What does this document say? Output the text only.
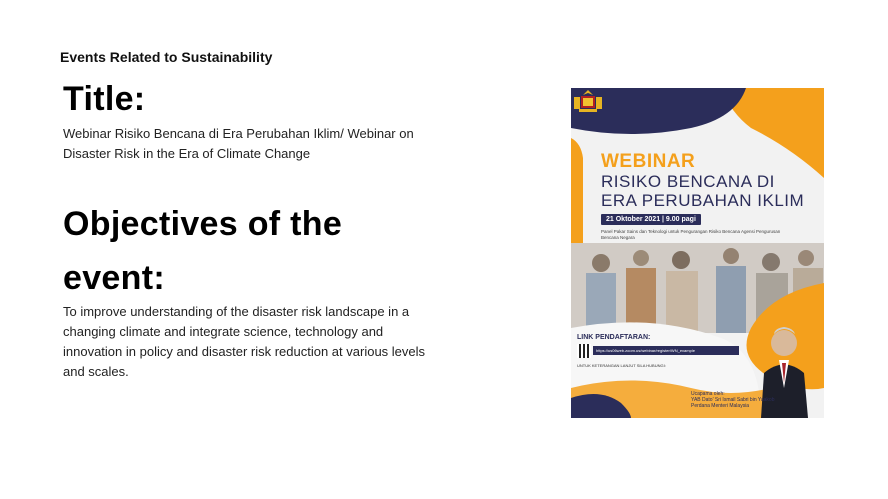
Events Related to Sustainability
Title:
Webinar Risiko Bencana di Era Perubahan Iklim/ Webinar on Disaster Risk in the Era of Climate Change
Objectives of the
event:
To improve understanding of the disaster risk landscape in a changing climate and integrate science, technology and innovation in policy and disaster risk reduction at various levels and scales.
WEBINAR
RISIKO BENCANA DI
ERA PERUBAHAN IKLIM
21 Oktober 2021 | 9.00 pagi
Panel Pakar Sains dan Teknologi untuk Pengurangan Risiko Bencana Agensi Pengurusan Bencana Negara
LINK PENDAFTARAN:
https://us06web.zoom.us/webinar/register/WN_example
UNTUK KETERANGAN LANJUT SILA HUBUNGI:
Ucapama oleh:
YAB Dato' Sri Ismail Sabri bin Yaakob
Perdana Menteri Malaysia
